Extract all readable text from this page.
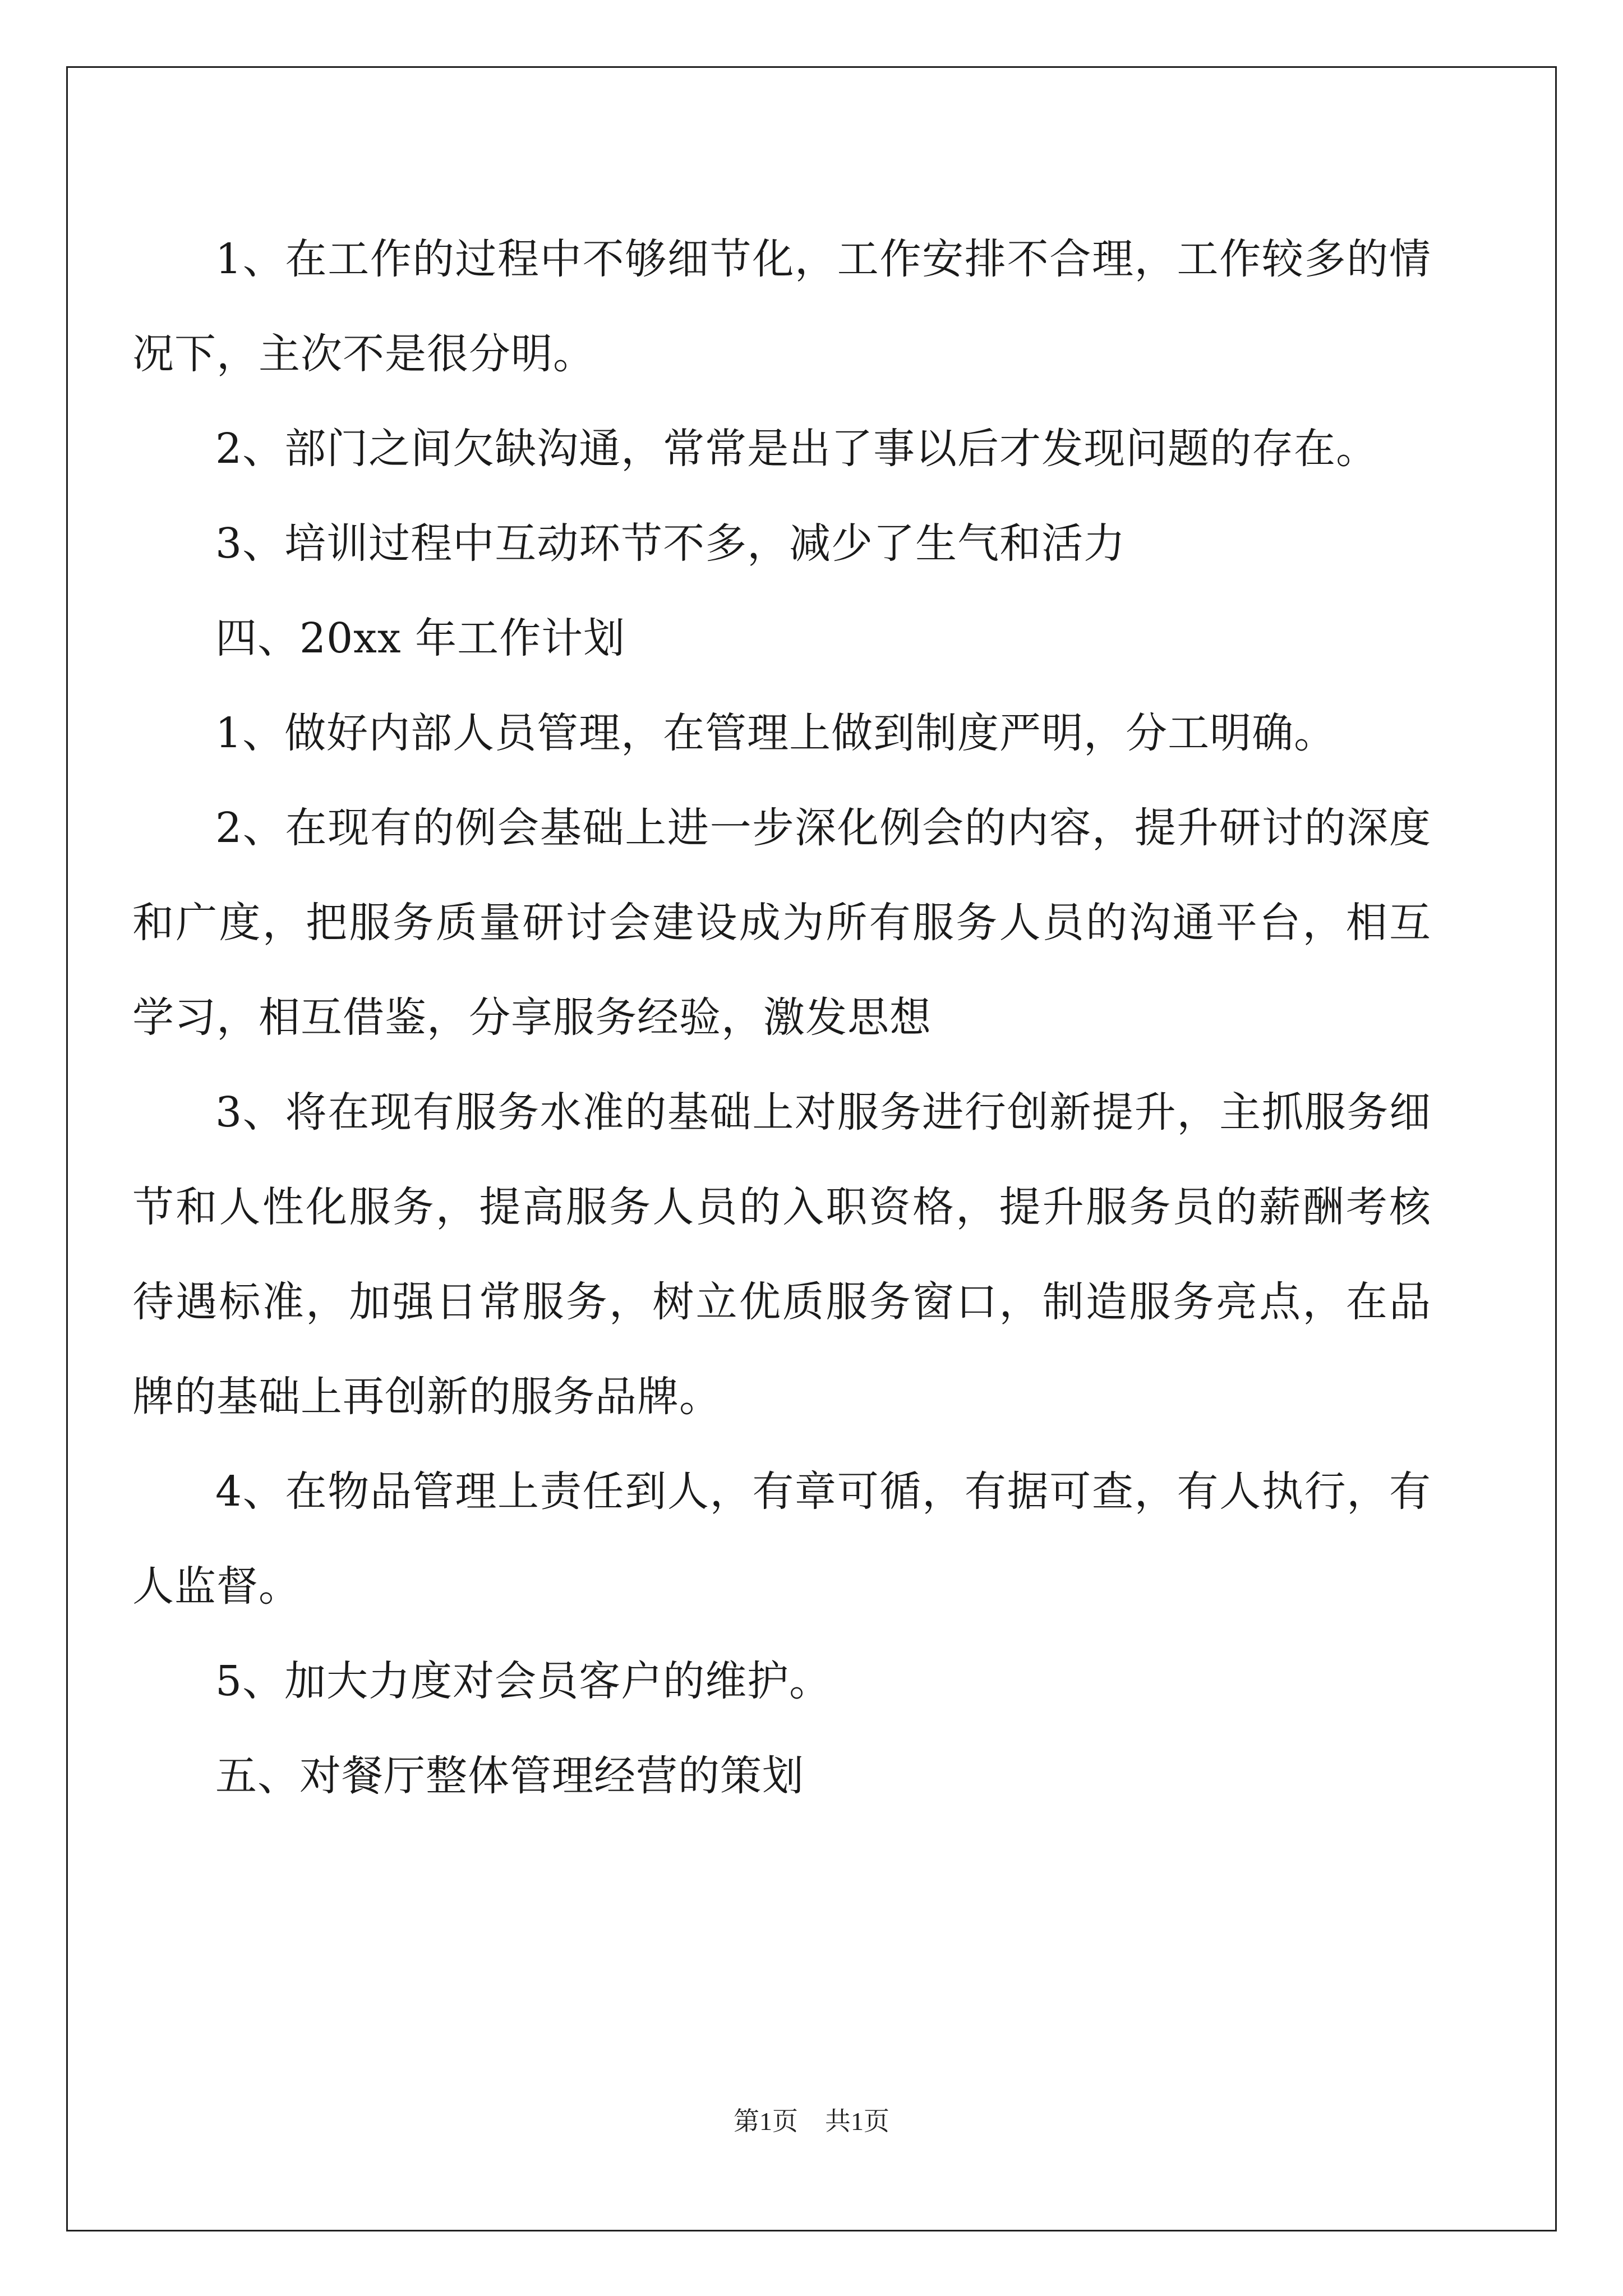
1、在工作的过程中不够细节化，工作安排不合理，工作较多的情况下，主次不是很分明。

2、部门之间欠缺沟通，常常是出了事以后才发现问题的存在。

3、培训过程中互动环节不多，减少了生气和活力

四、20xx 年工作计划

1、做好内部人员管理，在管理上做到制度严明，分工明确。

2、在现有的例会基础上进一步深化例会的内容，提升研讨的深度和广度，把服务质量研讨会建设成为所有服务人员的沟通平台，相互学习，相互借鉴，分享服务经验，激发思想

3、将在现有服务水准的基础上对服务进行创新提升，主抓服务细节和人性化服务，提高服务人员的入职资格，提升服务员的薪酬考核待遇标准，加强日常服务，树立优质服务窗口，制造服务亮点，在品牌的基础上再创新的服务品牌。

4、在物品管理上责任到人，有章可循，有据可查，有人执行，有人监督。

5、加大力度对会员客户的维护。

五、对餐厅整体管理经营的策划

第1页 共1页
